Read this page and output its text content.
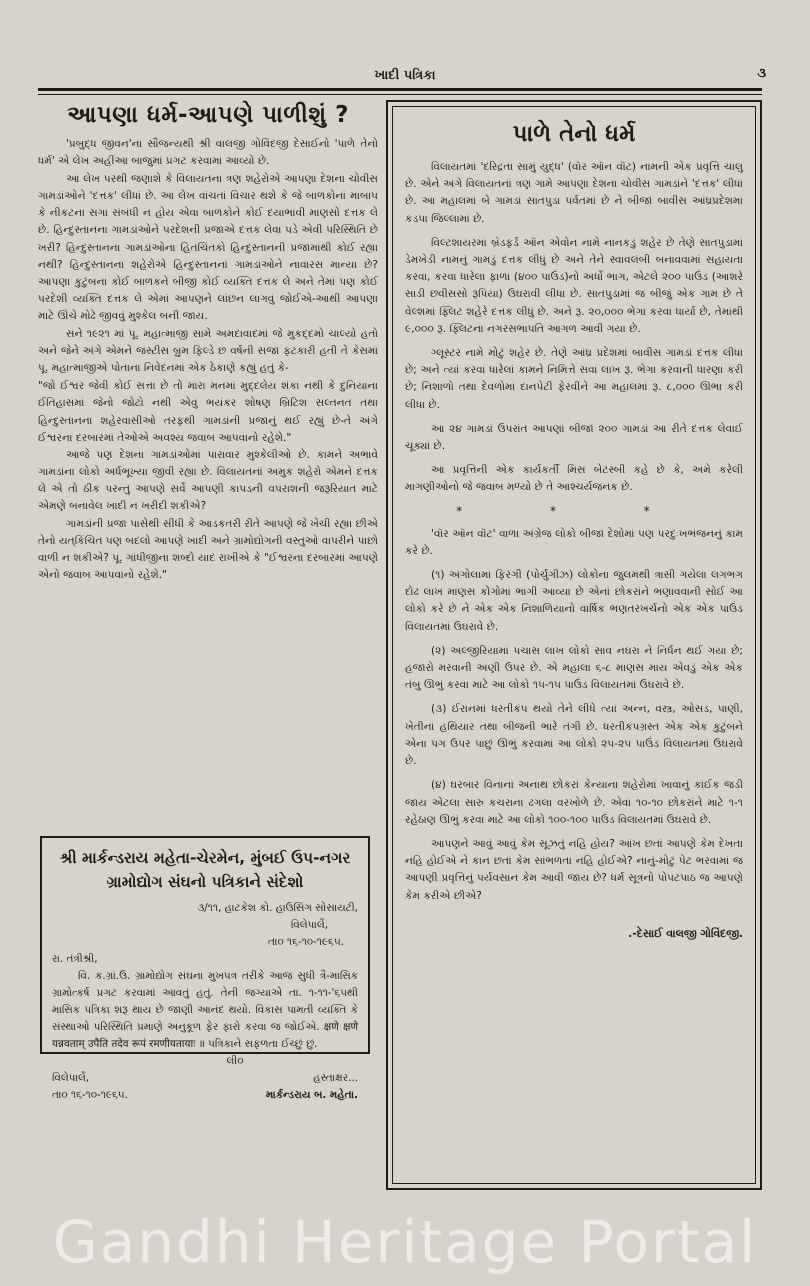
ખાદી પત્રિકા	૩
આપણા ધર્મ-આપણે પાળીશું ?

'પ્રબુદ્ધ જીવન'ના સૌજન્યથી શ્રી વાલજી ગોવિંદજી દેસાઈનો 'પાળે તેનો ધર્મ' એ લેખ અહીંઆ બાજુમાં પ્રગટ કરવામાં આવ્યો છે.

આ લેખ પરથી જણાશે કે વિલાયતના ત્રણ શહેરોએ આપણા દેશના ચોવીસ ગામડાંઓને 'દત્તક' લીધાં છે. આ લેખ વાંચતાં વિચાર થશે કે જે બાળકોનાં માબાપ કે નીકટના સગા સંબંધી ન હોય એવા બાળકોને કોઈ દયાભાવી માણસો દત્તક લે છે. હિન્દુસ્તાનના ગામડાંઓને પરદેશની પ્રજાએ દત્તક લેવા પડે એવી પરિસ્થિતિ છે ખરી? હિન્દુસ્તાનના ગામડાંઓના હિતચિંતકો હિન્દુસ્તાનની પ્રજામાંથી કોઈ રહ્યા નથી? હિન્દુસ્તાનના શહેરોએ હિન્દુસ્તાનનાં ગામડાંઓને નાવારસ માન્યા છે? આપણા કુટુંબના કોઈ બાળકને બીજી કોઈ વ્યક્તિ દત્તક લે અને તેમાં પણ કોઈ પરદેશી વ્યક્તિ દત્તક લે એમાં આપણને લાંછન લાગવું જોઈએ-આથી આપણા માટે ઊંચે મોઢે જીવવું મુશ્કેલ બની જાય.

સને ૧૯૨૧ માં પૂ. મહાત્માજી સામે અમદાવાદમાં જે મુકદ્દમો ચાલ્યો હતો અને જેને અંગે એમને જસ્ટીસ બ્રુમ ફિલ્ડે છ વર્ષની સજા ફટકારી હતી તે કેસમાં પૂ. મહાત્માજીએ પોતાના નિવેદનમાં એક ઠેકાણે કહ્યું હતું કે-

"જો ઈશ્વર જેવી કોઈ સત્તા છે તો મારા મનમાં મુદ્દલેય શંકા નથી કે દુનિયાના ઈતિહાસમાં જેનો જોટો નથી એવું ભયંકર શોષણ બ્રિટિશ સલ્તનત તથા હિન્દુસ્તાનના શહેરવાસીઓ તરફથી ગામડાંની પ્રજાનું થઈ રહ્યું છે-તે અંગે ઈશ્વરના દરબારમાં તેઓએ અવશ્ય જવાબ આપવાનો રહેશે."

આજે પણ દેશના ગામડાંઓમાં પારાવાર મુશ્કેલીઓ છે. કામને અભાવે ગામડાંના લોકો અર્ધભૂખ્યા જીવી રહ્યા છે. વિલાયતનાં અમુક શહેરો એમને દત્તક લે એ તો ઠીક પરન્તુ આપણે સર્વે આપણી કાપડની વપરાશની જરૂરિયાત માટે એમણે બનાવેલ ખાદી ન ખરીદી શકીએ?

ગામડાંની પ્રજા પાસેથી સીધી કે આડકતરી રીતે આપણે જે ખેંચી રહ્યા છીએ તેનો યત્‌કિંચિત પણ બદલો આપણે ખાદી અને ગ્રામોદ્યોગની વસ્તુઓ વાપરીને પાછો વાળી ન શકીએ? પૂ. ગાંધીજીના શબ્દો યાદ રાખીએ કે "ઈશ્વરના દરબારમાં આપણે એનો જવાબ આપવાનો રહેશે."

શ્રી માર્કન્ડરાય મહેતા-ચેરમેન, મુંબઈ ઉપ-નગર ગ્રામોદ્યોગ સંઘનો પત્રિકાને સંદેશો
૩/૧૧, હાટકેશ કો. હાઉસિંગ સોસાયટી,
વિલેપાર્લે,
તા૦ ૧૬-૧૦-૧૯૬૫.
રા. તંત્રીશ્રી,
વિ. ક.ગ્રાં.ઉ. ગ્રામોદ્યોગ સંઘના મુખપત્ર તરીકે આજ સુધી ત્રૈ-માસિક ગ્રામોત્કર્ષ પ્રગટ કરવામાં આવતું હતું. તેની જગ્યાએ તા. ૧-૧૧-'૬૫થી માસિક પત્રિકા શરૂ થાય છે જાણી આનંદ થયો. વિકાસ પામતી વ્યક્તિ કે સંસ્થાઓ પરિસ્થિતિ પ્રમાણે અનુકૂળ ફેર ફારો કરવા જ જોઈએ. क्षणे क्षणे यन्नवताम् उपैति तदेव रूपं रमणीयतायाः ॥ પત્રિકાને સફળતા ઈચ્છું છું.
લી૦
વિલેપાર્લે,	હસ્તાક્ષર...
તા૦ ૧૬-૧૦-૧૯૬૫.	માર્કન્ડરાય બ. મહેતા.
પાળે તેનો ધર્મ

વિલાયતમાં 'દરિદ્રતા સામું યુદ્ધ' (વૉર ઑન વૉંટ) નામની એક પ્રવૃત્તિ ચાલુ છે. એને અંગે વિલાયતનાં ત્રણ ગામે આપણા દેશના ચોવીસ ગામડાંને 'દત્તક' લીધાં છે. આ મહાલમાં બે ગામડાં સાતપુડા પર્વતમાં છે ને બીજાં બાવીસ આંધ્રપ્રદેશમાં કડપા જિલ્લામાં છે.

વિલ્ટશાયરમાં બ્રૅડફર્ડ ઑન એવોન નામે નાનકડું શહેર છે તેણે સાતપુડામાં ડેમખેડી નામનું ગામડું દત્તક લીધું છે અને તેને સ્વાવલંબી બનાવવામાં સહાયતા કરવા, કરવા ધારેલા ફાળા (૪૦૦ પાઉંડ)નો અર્ધો ભાગ, એટલે ૨૦૦ પાઉંડ (આશરે સાડી છવીસસો રૂપિયા) ઉઘરાવી લીધા છે. સાતપુડામાં જ બીજું એક ગામ છે તે વેલ્શમાં ફ્લિટ શહેરે દત્તક લીધું છે. અને રૂ. ૨૦,૦૦૦ ભેગા કરવા ધાર્યા છે, તેમાંથી ૯,૦૦૦ રૂ. ફ્લિટના નગરસભાપતિ આગળ આવી ગયા છે.

ગ્લૂસ્ટર નામે મોટું શહેર છે. તેણે આંધ્ર પ્રદેશમાં બાવીસ ગામડાં દત્તક લીધાં છે; અને ત્યાં કરવા ધારેલાં કામને નિમિત્તે સવા લાખ રૂ. ભેગા કરવાની ધારણા કરી છે; નિશાળો તથા દેવળોમાં દાનપેટી ફેરવીને આ મહાલમાં રૂ. ૮,૦૦૦ ઊભા કરી લીધા છે.

આ ૨૪ ગામડાં ઉપરાંત આપણાં બીજાં ૨૦૦ ગામડાં આ રીતે દત્તક લેવાઈ ચૂક્યાં છે.

આ પ્રવૃત્તિની એક કાર્યકર્તી મિસ બેટસ્બી કહે છે કે, અમે કરેલી માગણીઓનો જે જવાબ મળ્યો છે તે આશ્ચર્યજનક છે.

* * *

'વૉર ઑન વૉંટ' વાળા અંગ્રેજ લોકો બીજા દેશોમાં પણ પરદુઃખભંજનનું કામ કરે છે.

(૧) અંગોલામાં ફિરંગી (પોર્ચુગીઝ) લોકોના જુલમથી ત્રાસી ગયેલા લગભગ દોઢ લાખ માણસ કોંગોમાં ભાગી આવ્યા છે એનાં છોકરાંને ભણાવવાની સોઈ આ લોકો કરે છે ને એક એક નિશાળિયાનો વાર્ષિક ભણતરખર્ચનો એક એક પાઉંડ વિલાયતમાં ઉઘરાવે છે.

(૨) અલ્જીરિયામાં પચાસ લાખ લોકો સાવ નઘરા ને નિર્ધન થઈ ગયા છે; હજારો મરવાની અણી ઉપર છે. એ મહાલા ૬-૮ માણસ માય એવડું એક એક તંબુ ઊભું કરવા માટે આ લોકો ૧૫-૧૫ પાઉંડ વિલાયતમાં ઉઘરાવે છે.

(૩) ઈરાનમાં ધરતીકંપ થયો તેને લીધે ત્યાં અન્ન, વસ્ત્ર, ઓસડ, પાણી, ખેતીનાં હથિયાર તથા બીજની ભારે તંગી છે. ધરતીકંપગ્રસ્ત એક એક કુટુંબને એના પગ ઉપર પાછું ઊભું કરવામાં આ લોકો ૨૫-૨૫ પાઉંડ વિલાયતમાં ઉઘરાવે છે.

(૪) ઘરબાર વિનાનાં અનાથ છોકરાં કેન્યાના શહેરોમાં ખાવાનું કાંઈક જડી જાય એટલા સારુ કચરાના ઢગલા વરખોળે છે. એવાં ૧૦-૧૦ છોકરાંને માટે ૧-૧ રહેઠાણ ઊભું કરવા માટે આ લોકો ૧૦૦-૧૦૦ પાઉંડ વિલાયતમાં ઉઘરાવે છે.

આપણને આવું આવું કેમ સૂઝતું નહિ હોય? આંખ છતાં આપણે કેમ દેખતા નહિ હોઈએ ને કાન છતાં કેમ સાંભળતા નહિ હોઈએ? નાનું-મોટું પેટ ભરવામાં જ આપણી પ્રવૃત્તિનું પર્યવસાન કેમ આવી જાય છે? ધર્મ સૂત્રનો પોપટપાઠ જ આપણે કેમ કરીએ છીએ?

.-દેસાઈ વાલજી ગોવિંદજી.
Gandhi Heritage Portal
